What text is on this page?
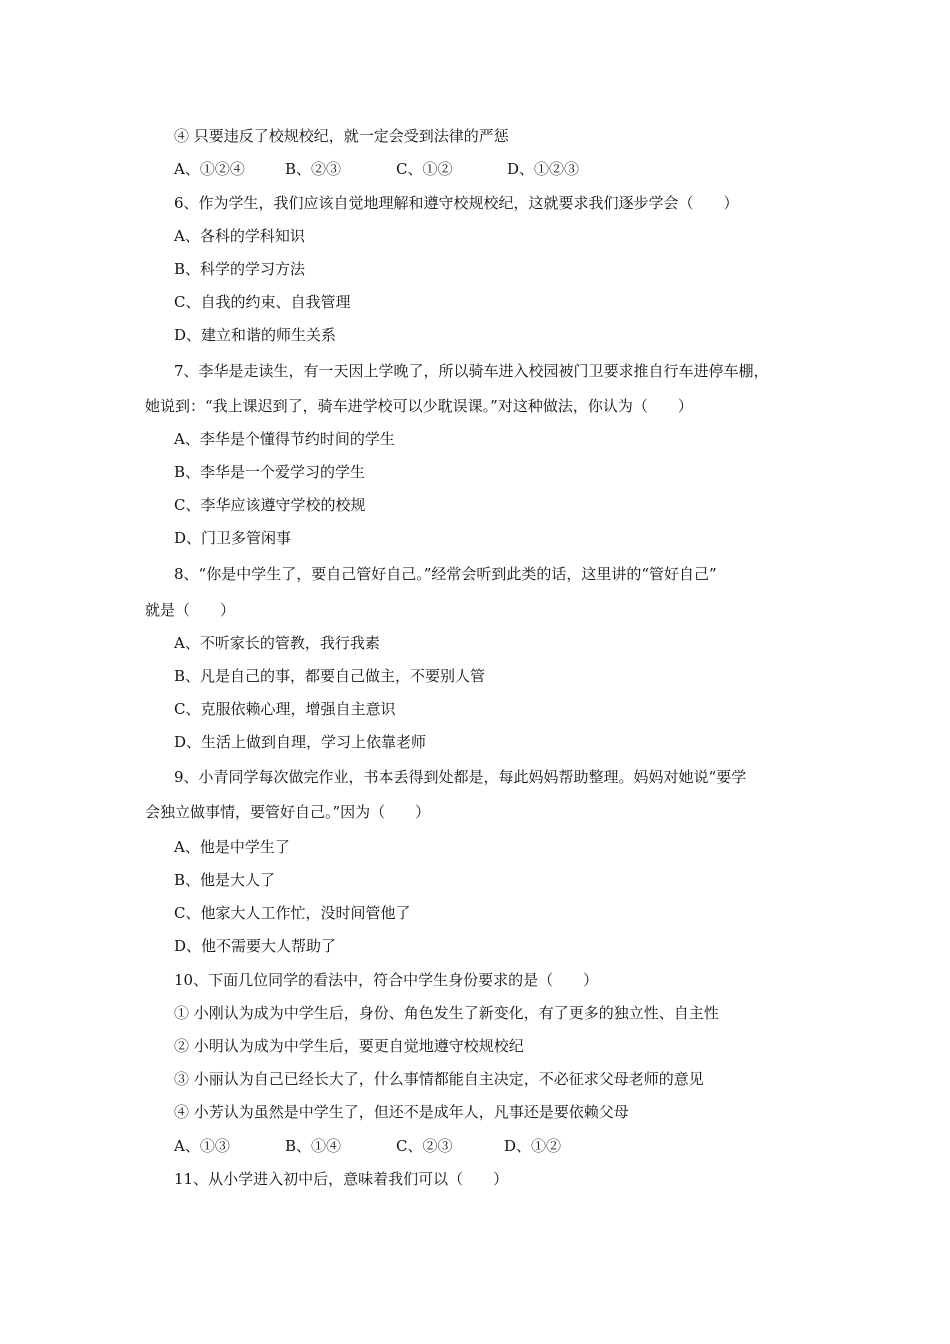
④ 只要违反了校规校纪，就一定会受到法律的严惩
A、①②④	B、②③	C、①②	D、①②③
6、作为学生，我们应该自觉地理解和遵守校规校纪，这就要求我们逐步学会（　　）
A、各科的学科知识
B、科学的学习方法
C、自我的约束、自我管理
D、建立和谐的师生关系
7、李华是走读生，有一天因上学晚了，所以骑车进入校园被门卫要求推自行车进停车棚，
她说到：“我上课迟到了，骑车进学校可以少耽误课。”对这种做法，你认为（　　）
A、李华是个懂得节约时间的学生
B、李华是一个爱学习的学生
C、李华应该遵守学校的校规
D、门卫多管闲事
8、“你是中学生了，要自己管好自己。”经常会听到此类的话，这里讲的“管好自己”
就是（　　）
A、不听家长的管教，我行我素
B、凡是自己的事，都要自己做主，不要别人管
C、克服依赖心理，增强自主意识
D、生活上做到自理，学习上依靠老师
9、小青同学每次做完作业，书本丢得到处都是，每此妈妈帮助整理。妈妈对她说“要学
会独立做事情，要管好自己。”因为（　　）
A、他是中学生了
B、他是大人了
C、他家大人工作忙，没时间管他了
D、他不需要大人帮助了
10、下面几位同学的看法中，符合中学生身份要求的是（　　）
① 小刚认为成为中学生后，身份、角色发生了新变化，有了更多的独立性、自主性
② 小明认为成为中学生后，要更自觉地遵守校规校纪
③ 小丽认为自己已经长大了，什么事情都能自主决定，不必征求父母老师的意见
④ 小芳认为虽然是中学生了，但还不是成年人，凡事还是要依赖父母
A、①③	B、①④	C、②③	D、①②
11、从小学进入初中后，意味着我们可以（　　）
